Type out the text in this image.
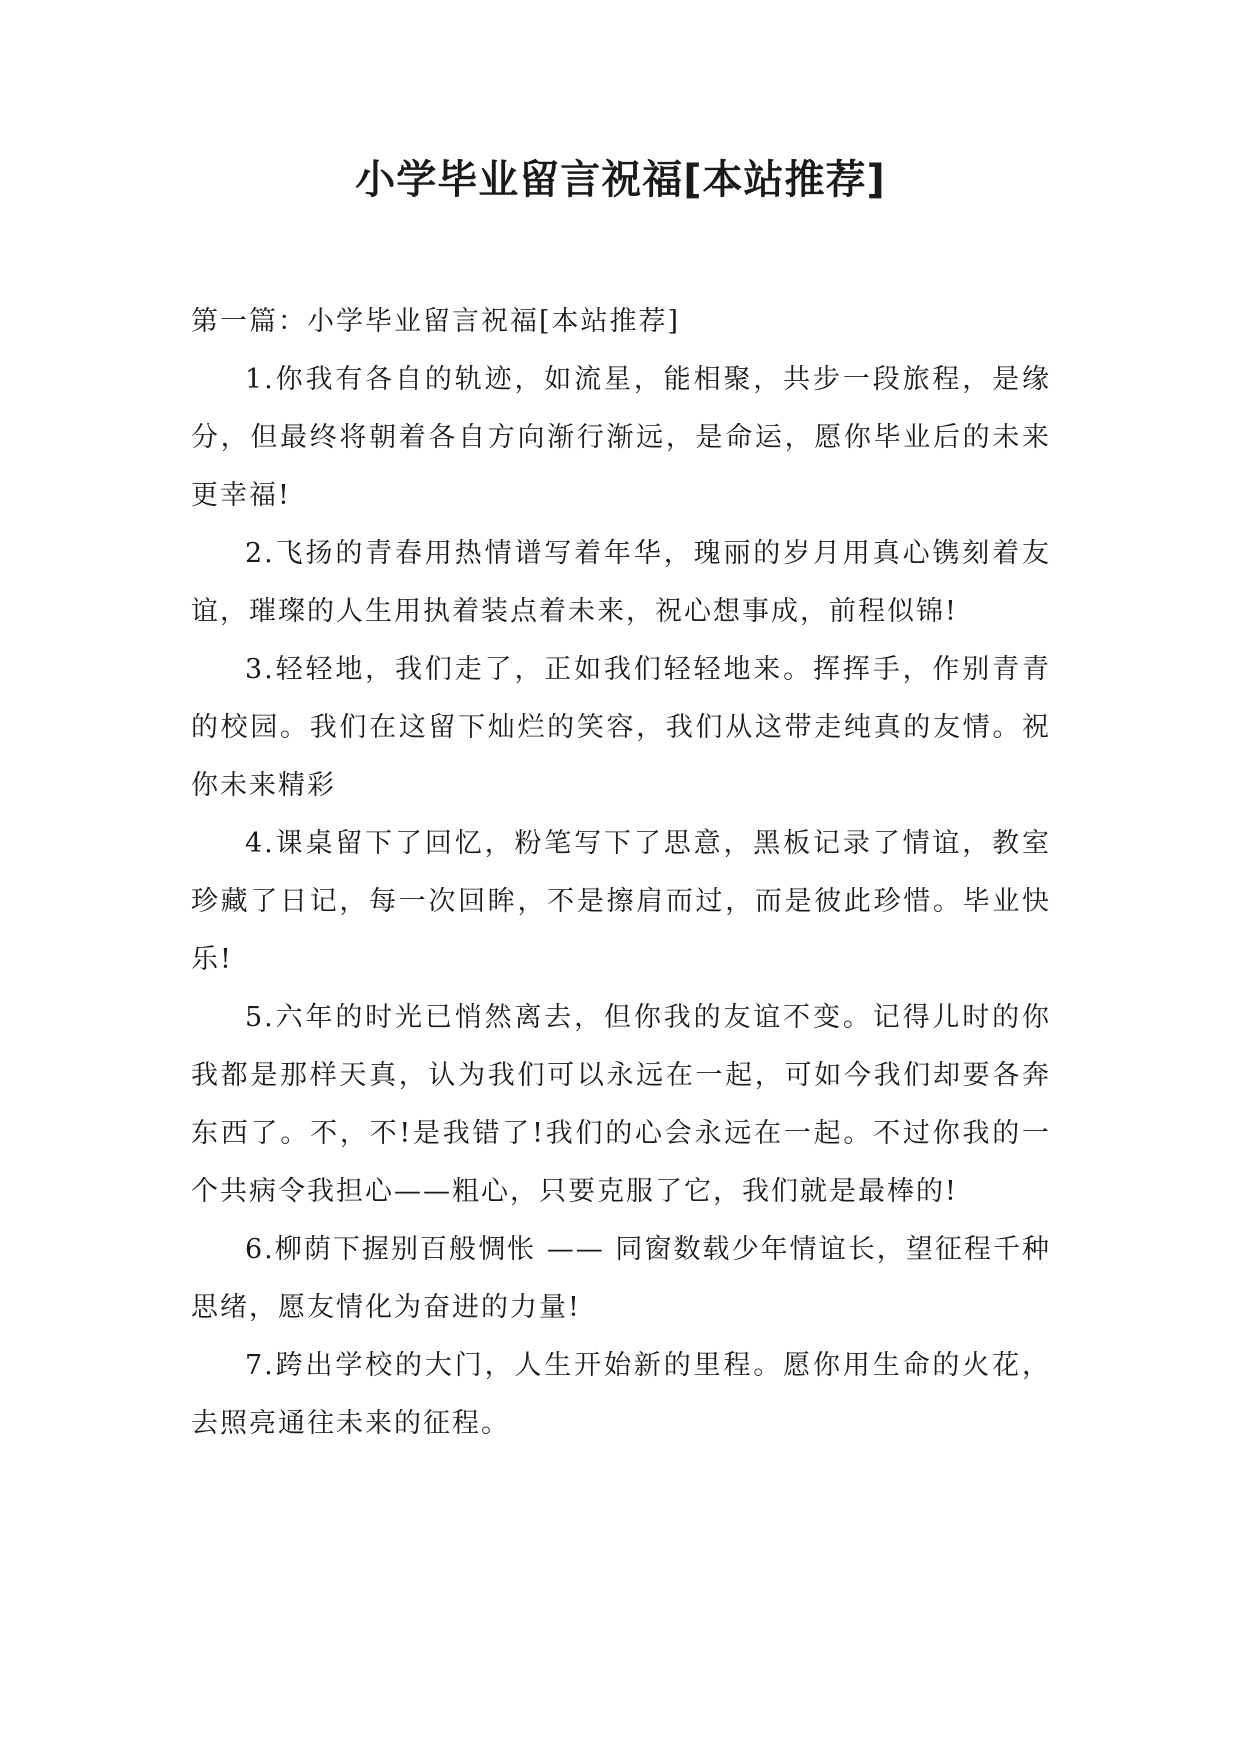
小学毕业留言祝福[本站推荐]

第一篇：小学毕业留言祝福[本站推荐]

1.你我有各自的轨迹，如流星，能相聚，共步一段旅程，是缘分，但最终将朝着各自方向渐行渐远，是命运，愿你毕业后的未来更幸福!

2.飞扬的青春用热情谱写着年华，瑰丽的岁月用真心镌刻着友谊，璀璨的人生用执着装点着未来，祝心想事成，前程似锦!

3.轻轻地，我们走了，正如我们轻轻地来。挥挥手，作别青青的校园。我们在这留下灿烂的笑容，我们从这带走纯真的友情。祝你未来精彩

4.课桌留下了回忆，粉笔写下了思意，黑板记录了情谊，教室珍藏了日记，每一次回眸，不是擦肩而过，而是彼此珍惜。毕业快乐!

5.六年的时光已悄然离去，但你我的友谊不变。记得儿时的你我都是那样天真，认为我们可以永远在一起，可如今我们却要各奔东西了。不，不!是我错了!我们的心会永远在一起。不过你我的一个共病令我担心——粗心，只要克服了它，我们就是最棒的!

6.柳荫下握别百般惆怅 —— 同窗数载少年情谊长，望征程千种思绪，愿友情化为奋进的力量!

7.跨出学校的大门，人生开始新的里程。愿你用生命的火花，去照亮通往未来的征程。
